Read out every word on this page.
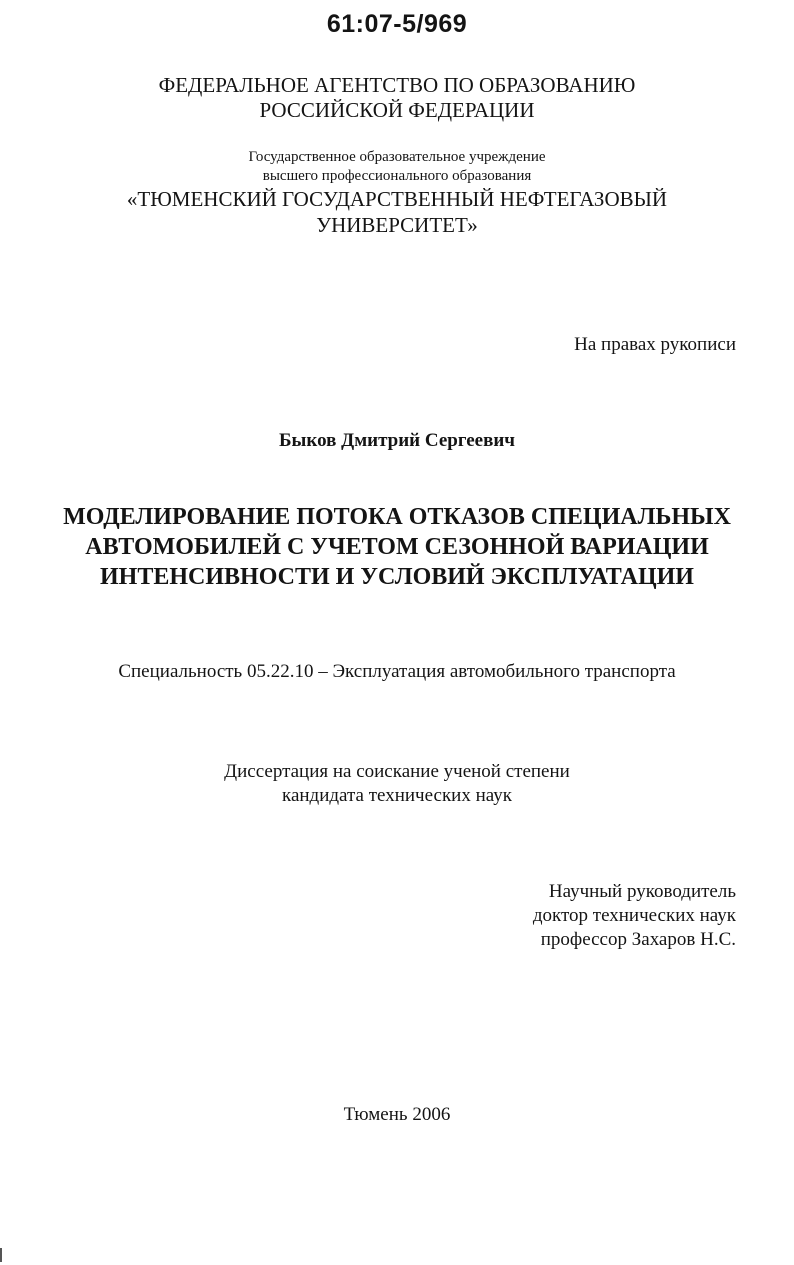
61:07-5/969

ФЕДЕРАЛЬНОЕ АГЕНТСТВО ПО ОБРАЗОВАНИЮ

РОССИЙСКОЙ ФЕДЕРАЦИИ

Государственное образовательное учреждение

высшего профессионального образования

«ТЮМЕНСКИЙ ГОСУДАРСТВЕННЫЙ НЕФТЕГАЗОВЫЙ

УНИВЕРСИТЕТ»

На правах рукописи

Быков Дмитрий Сергеевич

МОДЕЛИРОВАНИЕ ПОТОКА ОТКАЗОВ СПЕЦИАЛЬНЫХ

АВТОМОБИЛЕЙ С УЧЕТОМ СЕЗОННОЙ ВАРИАЦИИ

ИНТЕНСИВНОСТИ И УСЛОВИЙ ЭКСПЛУАТАЦИИ

Специальность 05.22.10 – Эксплуатация автомобильного транспорта

Диссертация на соискание ученой степени

кандидата технических наук

Научный руководитель

доктор технических наук

профессор Захаров Н.С.

Тюмень 2006
